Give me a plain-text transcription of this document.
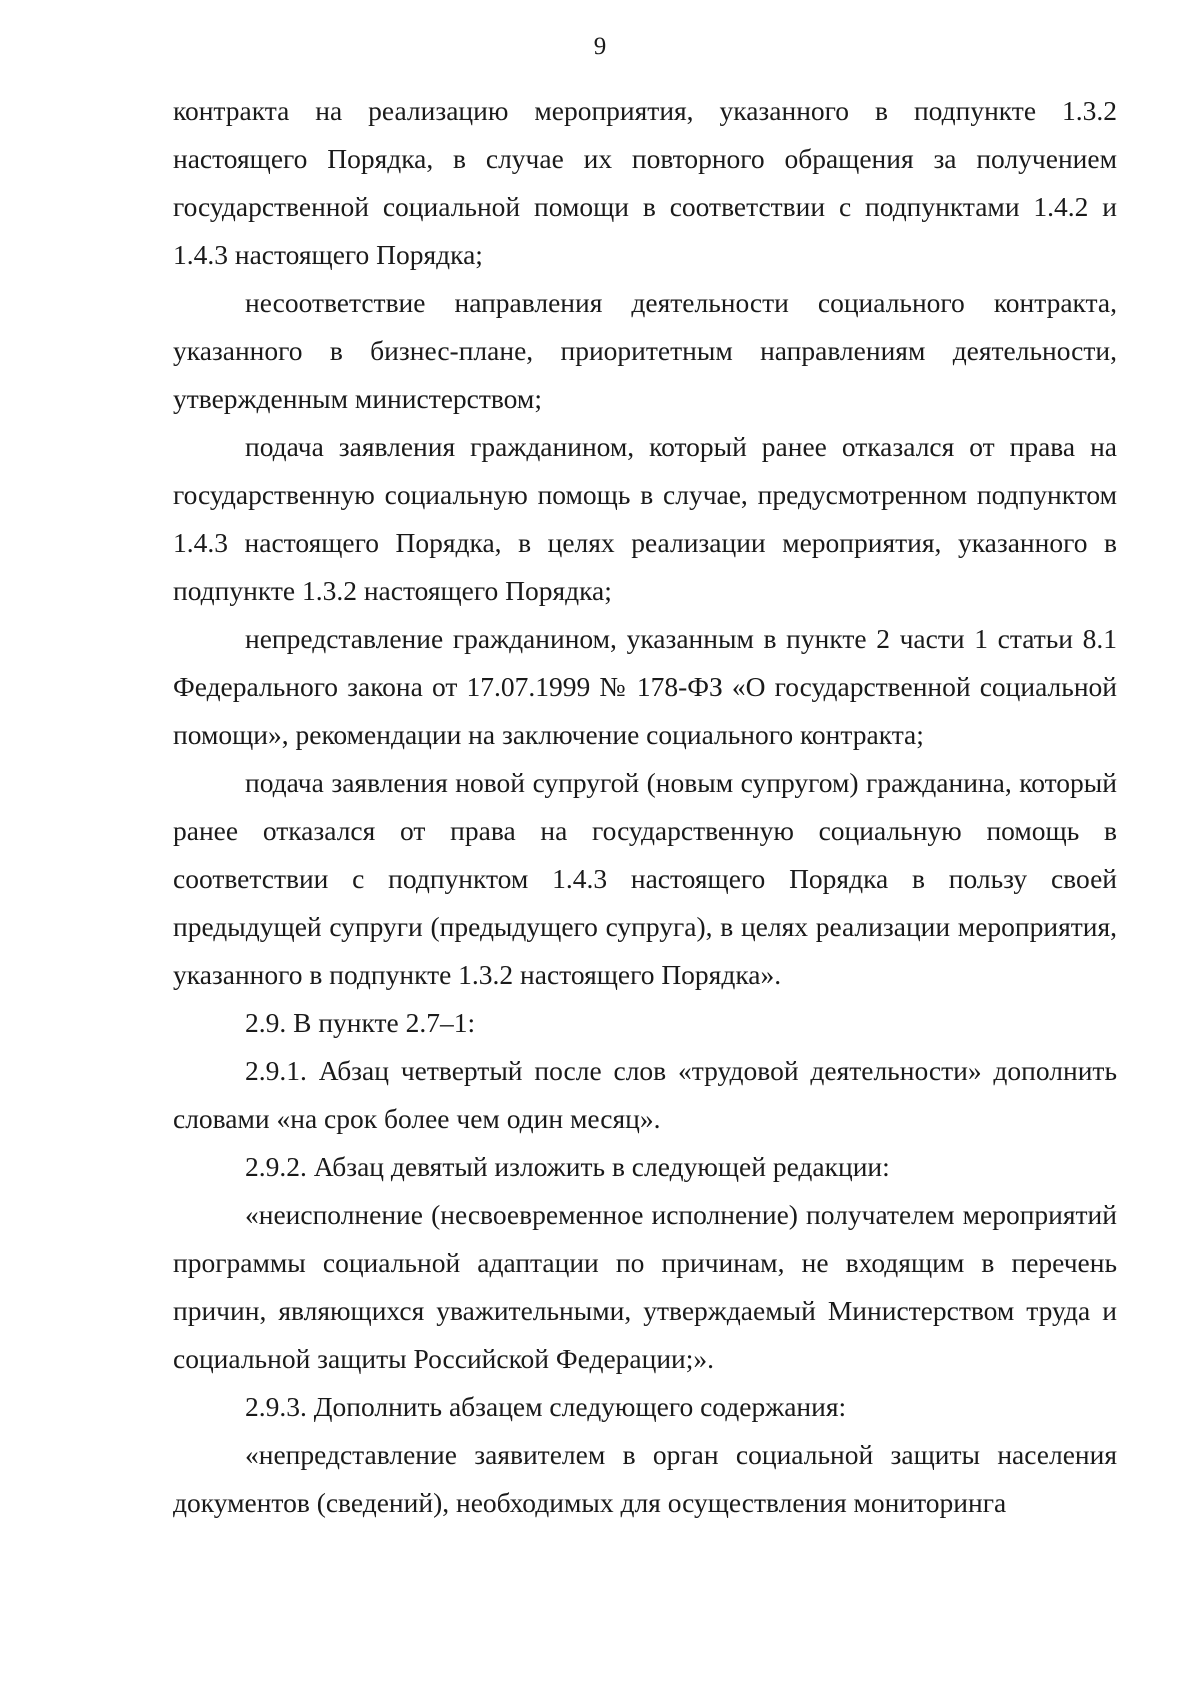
9

контракта на реализацию мероприятия, указанного в подпункте 1.3.2 настоящего Порядка, в случае их повторного обращения за получением государственной социальной помощи в соответствии с подпунктами 1.4.2 и 1.4.3 настоящего Порядка;

несоответствие направления деятельности социального контракта, указанного в бизнес-плане, приоритетным направлениям деятельности, утвержденным министерством;

подача заявления гражданином, который ранее отказался от права на государственную социальную помощь в случае, предусмотренном подпунктом 1.4.3 настоящего Порядка, в целях реализации мероприятия, указанного в подпункте 1.3.2 настоящего Порядка;

непредставление гражданином, указанным в пункте 2 части 1 статьи 8.1 Федерального закона от 17.07.1999 № 178-ФЗ «О государственной социальной помощи», рекомендации на заключение социального контракта;

подача заявления новой супругой (новым супругом) гражданина, который ранее отказался от права на государственную социальную помощь в соответствии с подпунктом 1.4.3 настоящего Порядка в пользу своей предыдущей супруги (предыдущего супруга), в целях реализации мероприятия, указанного в подпункте 1.3.2 настоящего Порядка».

2.9. В пункте 2.7–1:

2.9.1. Абзац четвертый после слов «трудовой деятельности» дополнить словами «на срок более чем один месяц».

2.9.2. Абзац девятый изложить в следующей редакции:

«неисполнение (несвоевременное исполнение) получателем мероприятий программы социальной адаптации по причинам, не входящим в перечень причин, являющихся уважительными, утверждаемый Министерством труда и социальной защиты Российской Федерации;».

2.9.3. Дополнить абзацем следующего содержания:

«непредставление заявителем в орган социальной защиты населения документов (сведений), необходимых для осуществления мониторинга
